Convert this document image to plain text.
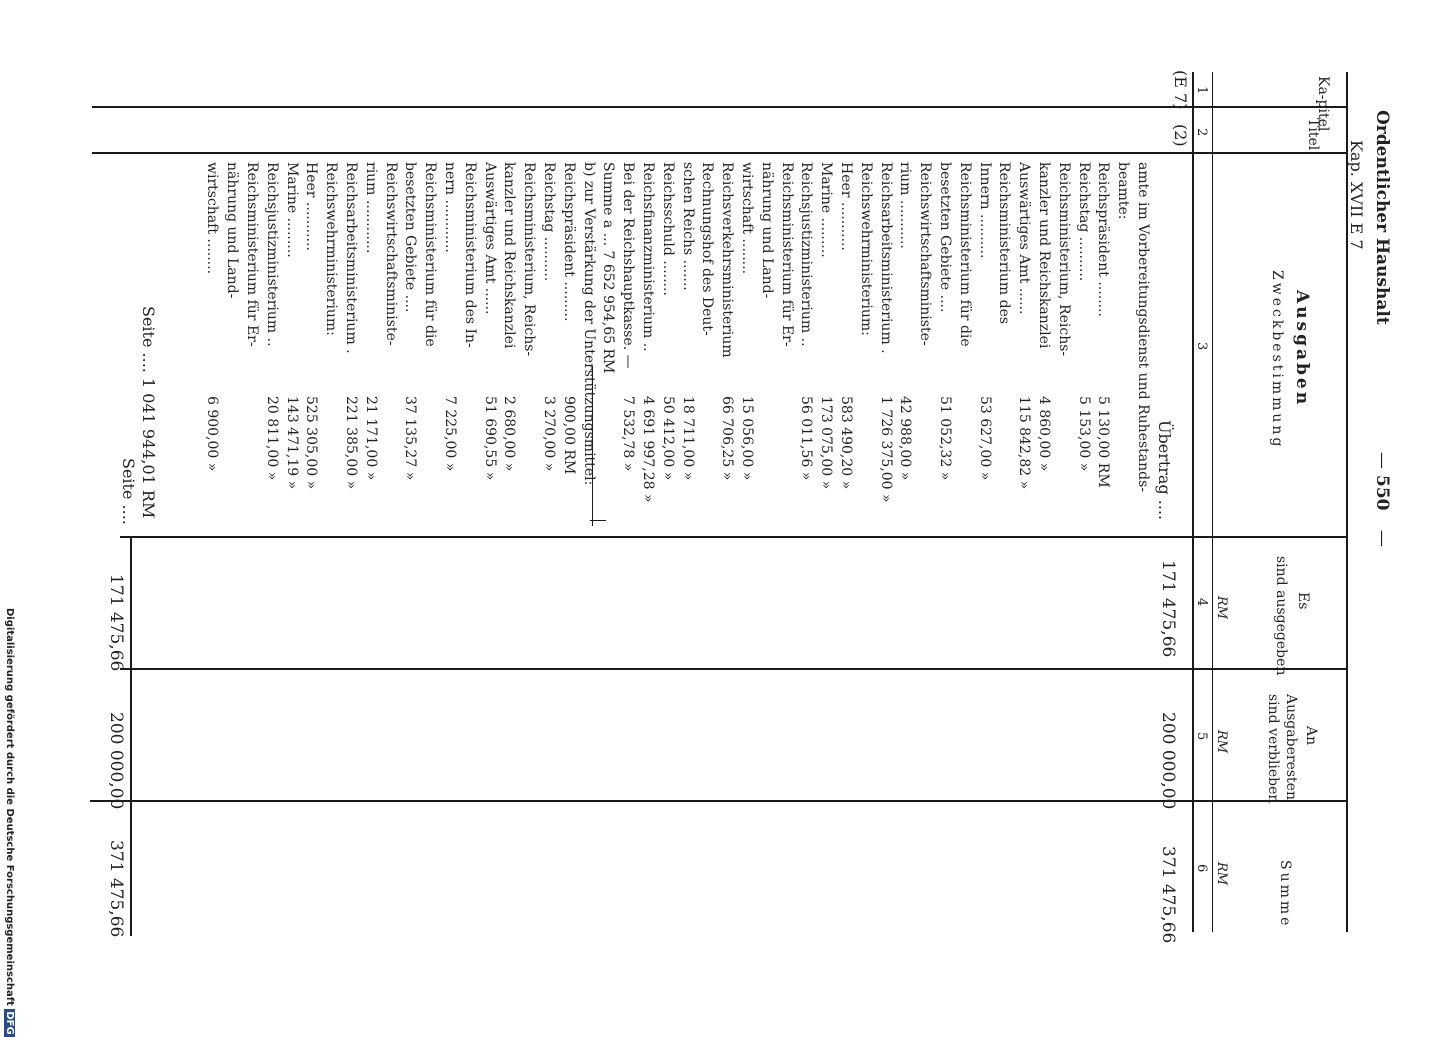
550
—
—
Ordentlicher Haushalt
Kap. XVII E 7
Ka-pitel
Titel
Ausgaben
Zweckbestimmung
Es
sind ausgegeben
An
Ausgaberesten
sind verblieben
Summe
RM
RM
RM
1
2
3
4
5
6
(E 7)
(2)
Übertrag ....
171 475,66
200 000,00
371 475,66
amte im Vorbereitungsdienst und Ruhestands-
beamte:
Reichspräsident ........
5 130,00 RM
Reichstag ..........
5 153,00 »
Reichsministerium, Reichs-
kanzler und Reichskanzlei
4 860,00 »
Auswärtiges Amt ......
115 842,82 »
Reichsministerium des
Innern ..........
53 627,00 »
Reichsministerium für die
besetzten Gebiete ....
51 052,32 »
Reichswirtschaftsministe-
rium ...........
42 988,00 »
Reichsarbeitsministerium .
1 726 375,00 »
Reichswehrministerium:
Heer ...........
583 490,20 »
Marine .........
173 075,00 »
Reichsjustizministerium ..
56 011,56 »
Reichsministerium für Er-
nährung und Land-
wirtschaft ........
15 056,00 »
Reichsverkehrsministerium
66 706,25 »
Rechnungshof des Deut-
schen Reichs .......
18 711,00 »
Reichsschuld ........
50 412,00 »
Reichsfinanzministerium ..
4 691 997,28 »
Bei der Reichshauptkasse. —
7 532,78 »
Summe a ... 7 652 954,65 RM
b) zur Verstärkung der Unterstützungsmittel:
Reichspräsident .........
900,00 RM
Reichstag ..........
3 270,00 »
Reichsministerium, Reichs-
kanzler und Reichskanzlei
2 680,00 »
Auswärtiges Amt ......
51 690,55 »
Reichsministerium des In-
nern ............
7 225,00 »
Reichsministerium für die
besetzten Gebiete ....
37 135,27 »
Reichswirtschaftsministe-
rium ............
21 171,00 »
Reichsarbeitsministerium .
221 385,00 »
Reichswehrministerium:
Heer ...........
525 305,00 »
Marine .........
143 471,19 »
Reichsjustizministerium ..
20 811,00 »
Reichsministerium für Er-
nährung und Land-
wirtschaft ........
6 900,00 »
Seite .... 1 041 944,01 RM
Seite ....
171 475,66
200 000,00
371 475,66
Digitalisierung gefördert durch die Deutsche Forschungsgemeinschaft DFG
